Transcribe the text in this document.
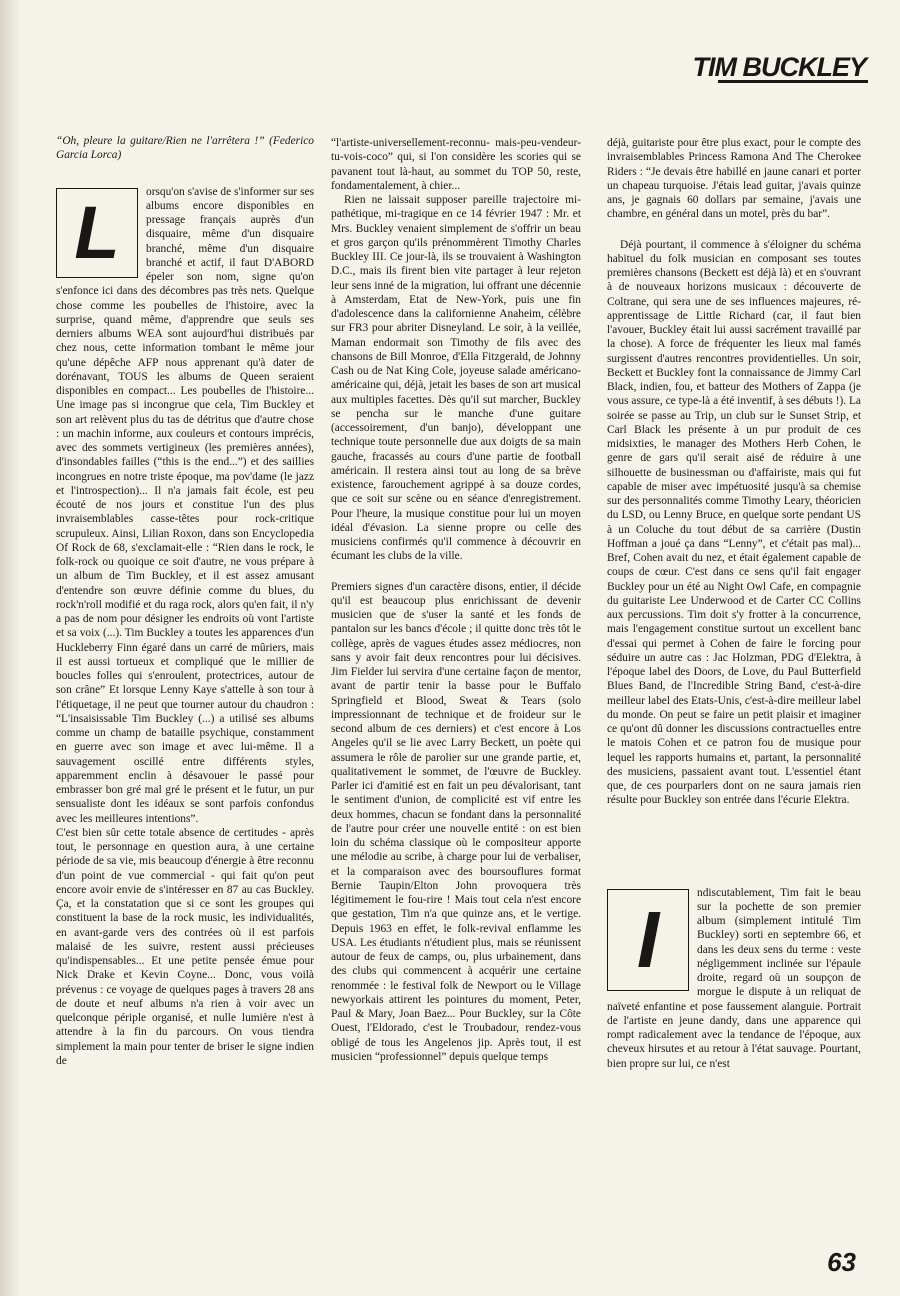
TIM BUCKLEY

“Oh, pleure la guitare/Rien ne l'arrêtera !” (Federico Garcia Lorca)

L	orsqu'on s'avise de s'informer sur ses albums encore disponibles en pressage français auprès d'un disquaire, même d'un disquaire branché, même d'un disquaire branché et actif, il faut D'ABORD épeler son nom, signe qu'on s'enfonce ici dans des décombres pas très nets. Quelque chose comme les poubelles de l'histoire, avec la surprise, quand même, d'apprendre que seuls ses derniers albums WEA sont aujourd'hui distribués par chez nous, cette information tombant le même jour qu'une dépêche AFP nous apprenant qu'à dater de dorénavant, TOUS les albums de Queen seraient disponibles en compact... Les poubelles de l'histoire... Une image pas si incongrue que cela, Tim Buckley et son art relèvent plus du tas de détritus que d'autre chose : un machin informe, aux couleurs et contours imprécis, avec des sommets vertigineux (les premières années), d'insondables failles (“this is the end...”) et des saillies incongrues en notre triste époque, ma pov'dame (le jazz et l'introspection)... Il n'a jamais fait école, est peu écouté de nos jours et constitue l'un des plus invraisemblables casse-têtes pour rock-critique scrupuleux. Ainsi, Lilian Roxon, dans son Encyclopedia Of Rock de 68, s'exclamait-elle : “Rien dans le rock, le folk-rock ou quoique ce soit d'autre, ne vous prépare à un album de Tim Buckley, et il est assez amusant d'entendre son œuvre définie comme du blues, du rock'n'roll modifié et du raga rock, alors qu'en fait, il n'y a pas de nom pour désigner les endroits où vont l'artiste et sa voix (...). Tim Buckley a toutes les apparences d'un Huckleberry Finn égaré dans un carré de mûriers, mais il est aussi tortueux et compliqué que le millier de boucles folles qui s'enroulent, protectrices, autour de son crâne” Et lorsque Lenny Kaye s'attelle à son tour à l'étiquetage, il ne peut que tourner autour du chaudron : “L'insaisissable Tim Buckley (...) a utilisé ses albums comme un champ de bataille psychique, constamment en guerre avec son image et avec lui-même. Il a sauvagement oscillé entre différents styles, apparemment enclin à désavouer le passé pour embrasser bon gré mal gré le présent et le futur, un pur sensualiste dont les idéaux se sont parfois confondus avec les meilleures intentions”.

C'est bien sûr cette totale absence de certitudes - après tout, le personnage en question aura, à une certaine période de sa vie, mis beaucoup d'énergie à être reconnu d'un point de vue commercial - qui fait qu'on peut encore avoir envie de s'intéresser en 87 au cas Buckley. Ça, et la constatation que si ce sont les groupes qui constituent la base de la rock music, les individualités, en avant-garde vers des contrées où il est parfois malaisé de les suivre, restent aussi précieuses qu'indispensables... Et une petite pensée émue pour Nick Drake et Kevin Coyne... Donc, vous voilà prévenus : ce voyage de quelques pages à travers 28 ans de doute et neuf albums n'a rien à voir avec un quelconque périple organisé, et nulle lumière n'est à attendre à la fin du parcours. On vous tiendra simplement la main pour tenter de briser le signe indien de

“l'artiste-universellement-reconnu- mais-peu-vendeur-tu-vois-coco” qui, si l'on considère les scories qui se pavanent tout là-haut, au sommet du TOP 50, reste, fondamentalement, à chier...

Rien ne laissait supposer pareille trajectoire mi-pathétique, mi-tragique en ce 14 février 1947 : Mr. et Mrs. Buckley venaient simplement de s'offrir un beau et gros garçon qu'ils prénommèrent Timothy Charles Buckley III. Ce jour-là, ils se trouvaient à Washington D.C., mais ils firent bien vite partager à leur rejeton leur sens inné de la migration, lui offrant une décennie à Amsterdam, Etat de New-York, puis une fin d'adolescence dans la californienne Anaheim, célèbre sur FR3 pour abriter Disneyland. Le soir, à la veillée, Maman endormait son Timothy de fils avec des chansons de Bill Monroe, d'Ella Fitzgerald, de Johnny Cash ou de Nat King Cole, joyeuse salade américano-américaine qui, déjà, jetait les bases de son art musical aux multiples facettes. Dès qu'il sut marcher, Buckley se pencha sur le manche d'une guitare (accessoirement, d'un banjo), développant une technique toute personnelle due aux doigts de sa main gauche, fracassés au cours d'une partie de football américain. Il restera ainsi tout au long de sa brève existence, farouchement agrippé à sa douze cordes, que ce soit sur scène ou en séance d'enregistrement. Pour l'heure, la musique constitue pour lui un moyen idéal d'évasion. La sienne propre ou celle des musiciens confirmés qu'il commence à découvrir en écumant les clubs de la ville.

Premiers signes d'un caractère disons, entier, il décide qu'il est beaucoup plus enrichissant de devenir musicien que de s'user la santé et les fonds de pantalon sur les bancs d'école ; il quitte donc très tôt le collège, après de vagues études assez médiocres, non sans y avoir fait deux rencontres pour lui décisives. Jim Fielder lui servira d'une certaine façon de mentor, avant de partir tenir la basse pour le Buffalo Springfield et Blood, Sweat & Tears (solo impressionnant de technique et de froideur sur le second album de ces derniers) et c'est encore à Los Angeles qu'il se lie avec Larry Beckett, un poète qui assumera le rôle de parolier sur une grande partie, et, qualitativement le sommet, de l'œuvre de Buckley. Parler ici d'amitié est en fait un peu dévalorisant, tant le sentiment d'union, de complicité est vif entre les deux hommes, chacun se fondant dans la personnalité de l'autre pour créer une nouvelle entité : on est bien loin du schéma classique où le compositeur apporte une mélodie au scribe, à charge pour lui de verbaliser, et la comparaison avec des boursouflures format Bernie Taupin/Elton John provoquera très légitimement le fou-rire ! Mais tout cela n'est encore que gestation, Tim n'a que quinze ans, et le vertige. Depuis 1963 en effet, le folk-revival enflamme les USA. Les étudiants n'étudient plus, mais se réunissent autour de feux de camps, ou, plus urbainement, dans des clubs qui commencent à acquérir une certaine renommée : le festival folk de Newport ou le Village newyorkais attirent les pointures du moment, Peter, Paul & Mary, Joan Baez... Pour Buckley, sur la Côte Ouest, l'Eldorado, c'est le Troubadour, rendez-vous obligé de tous les Angelenos jip. Après tout, il est musicien “professionnel” depuis quelque temps

déjà, guitariste pour être plus exact, pour le compte des invraisemblables Princess Ramona And The Cherokee Riders : “Je devais être habillé en jaune canari et porter un chapeau turquoise. J'étais lead guitar, j'avais quinze ans, je gagnais 60 dollars par semaine, j'avais une chambre, en général dans un motel, près du bar”.

Déjà pourtant, il commence à s'éloigner du schéma habituel du folk musician en composant ses toutes premières chansons (Beckett est déjà là) et en s'ouvrant à de nouveaux horizons musicaux : découverte de Coltrane, qui sera une de ses influences majeures, ré-apprentissage de Little Richard (car, il faut bien l'avouer, Buckley était lui aussi sacrément travaillé par la chose). A force de fréquenter les lieux mal famés surgissent d'autres rencontres providentielles. Un soir, Beckett et Buckley font la connaissance de Jimmy Carl Black, indien, fou, et batteur des Mothers of Zappa (je vous assure, ce type-là a été inventif, à ses débuts !). La soirée se passe au Trip, un club sur le Sunset Strip, et Carl Black les présente à un pur produit de ces midsixties, le manager des Mothers Herb Cohen, le genre de gars qu'il serait aisé de réduire à une silhouette de businessman ou d'affairiste, mais qui fut capable de miser avec impétuosité jusqu'à sa chemise sur des personnalités comme Timothy Leary, théoricien du LSD, ou Lenny Bruce, en quelque sorte pendant US à un Coluche du tout début de sa carrière (Dustin Hoffman a joué ça dans “Lenny”, et c'était pas mal)... Bref, Cohen avait du nez, et était également capable de coups de cœur. C'est dans ce sens qu'il fait engager Buckley pour un été au Night Owl Cafe, en compagnie du guitariste Lee Underwood et de Carter CC Collins aux percussions. Tim doit s'y frotter à la concurrence, mais l'engagement constitue surtout un excellent banc d'essai qui permet à Cohen de faire le forcing pour séduire un autre cas : Jac Holzman, PDG d'Elektra, à l'époque label des Doors, de Love, du Paul Butterfield Blues Band, de l'Incredible String Band, c'est-à-dire meilleur label des Etats-Unis, c'est-à-dire meilleur label du monde. On peut se faire un petit plaisir et imaginer ce qu'ont dû donner les discussions contractuelles entre le matois Cohen et ce patron fou de musique pour lequel les rapports humains et, partant, la personnalité des musiciens, passaient avant tout. L'essentiel étant que, de ces pourparlers dont on ne saura jamais rien résulte pour Buckley son entrée dans l'écurie Elektra.

I

ndiscutablement, Tim fait le beau sur la pochette de son premier album (simplement intitulé Tim Buckley) sorti en septembre 66, et dans les deux sens du terme : veste négligemment inclinée sur l'épaule droite, regard où un soupçon de morgue le dispute à un reliquat de naïveté enfantine et pose faussement alanguie. Portrait de l'artiste en jeune dandy, dans une apparence qui rompt radicalement avec la tendance de l'époque, aux cheveux hirsutes et au retour à l'état sauvage. Pourtant, bien propre sur lui, ce n'est

63
